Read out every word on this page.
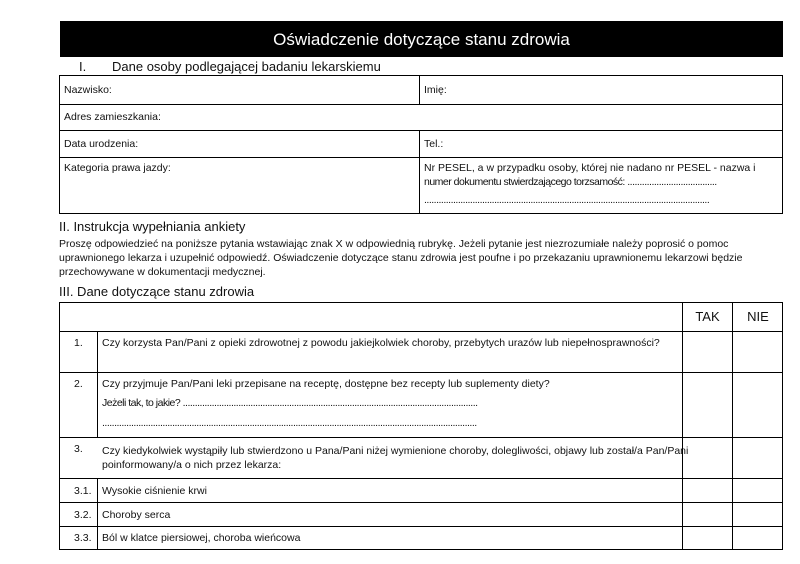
Oświadczenie dotyczące stanu zdrowia
I. Dane osoby podlegającej badaniu lekarskiemu
Nazwisko:	Imię:
Adres zamieszkania:
Data urodzenia:	Tel.:
Kategoria prawa jazdy:	Nr PESEL, a w przypadku osoby, której nie nadano nr PESEL - nazwa i
numer dokumentu stwierdzającego torzsamość: .....................................
......................................................................................................................
II. Instrukcja wypełniania ankiety
Proszę odpowiedzieć na poniższe pytania wstawiając znak X w odpowiednią rubrykę. Jeżeli pytanie jest niezrozumiałe należy poprosić o pomoc
uprawnionego lekarza i uzupełnić odpowiedź. Oświadczenie dotyczące stanu zdrowia jest poufne i po przekazaniu uprawnionemu lekarzowi będzie
przechowywane w dokumentacji medycznej.
III. Dane dotyczące stanu zdrowia
TAK	NIE
1. Czy korzysta Pan/Pani z opieki zdrowotnej z powodu jakiejkolwiek choroby, przebytych urazów lub niepełnosprawności?
2. Czy przyjmuje Pan/Pani leki przepisane na receptę, dostępne bez recepty lub suplementy diety?
Jeżeli tak, to jakie? ..........................................................................................................................
...........................................................................................................................................................
3. Czy kiedykolwiek wystąpiły lub stwierdzono u Pana/Pani niżej wymienione choroby, dolegliwości, objawy lub został/a Pan/Pani
poinformowany/a o nich przez lekarza:
3.1. Wysokie ciśnienie krwi
3.2. Choroby serca
3.3. Ból w klatce piersiowej, choroba wieńcowa
